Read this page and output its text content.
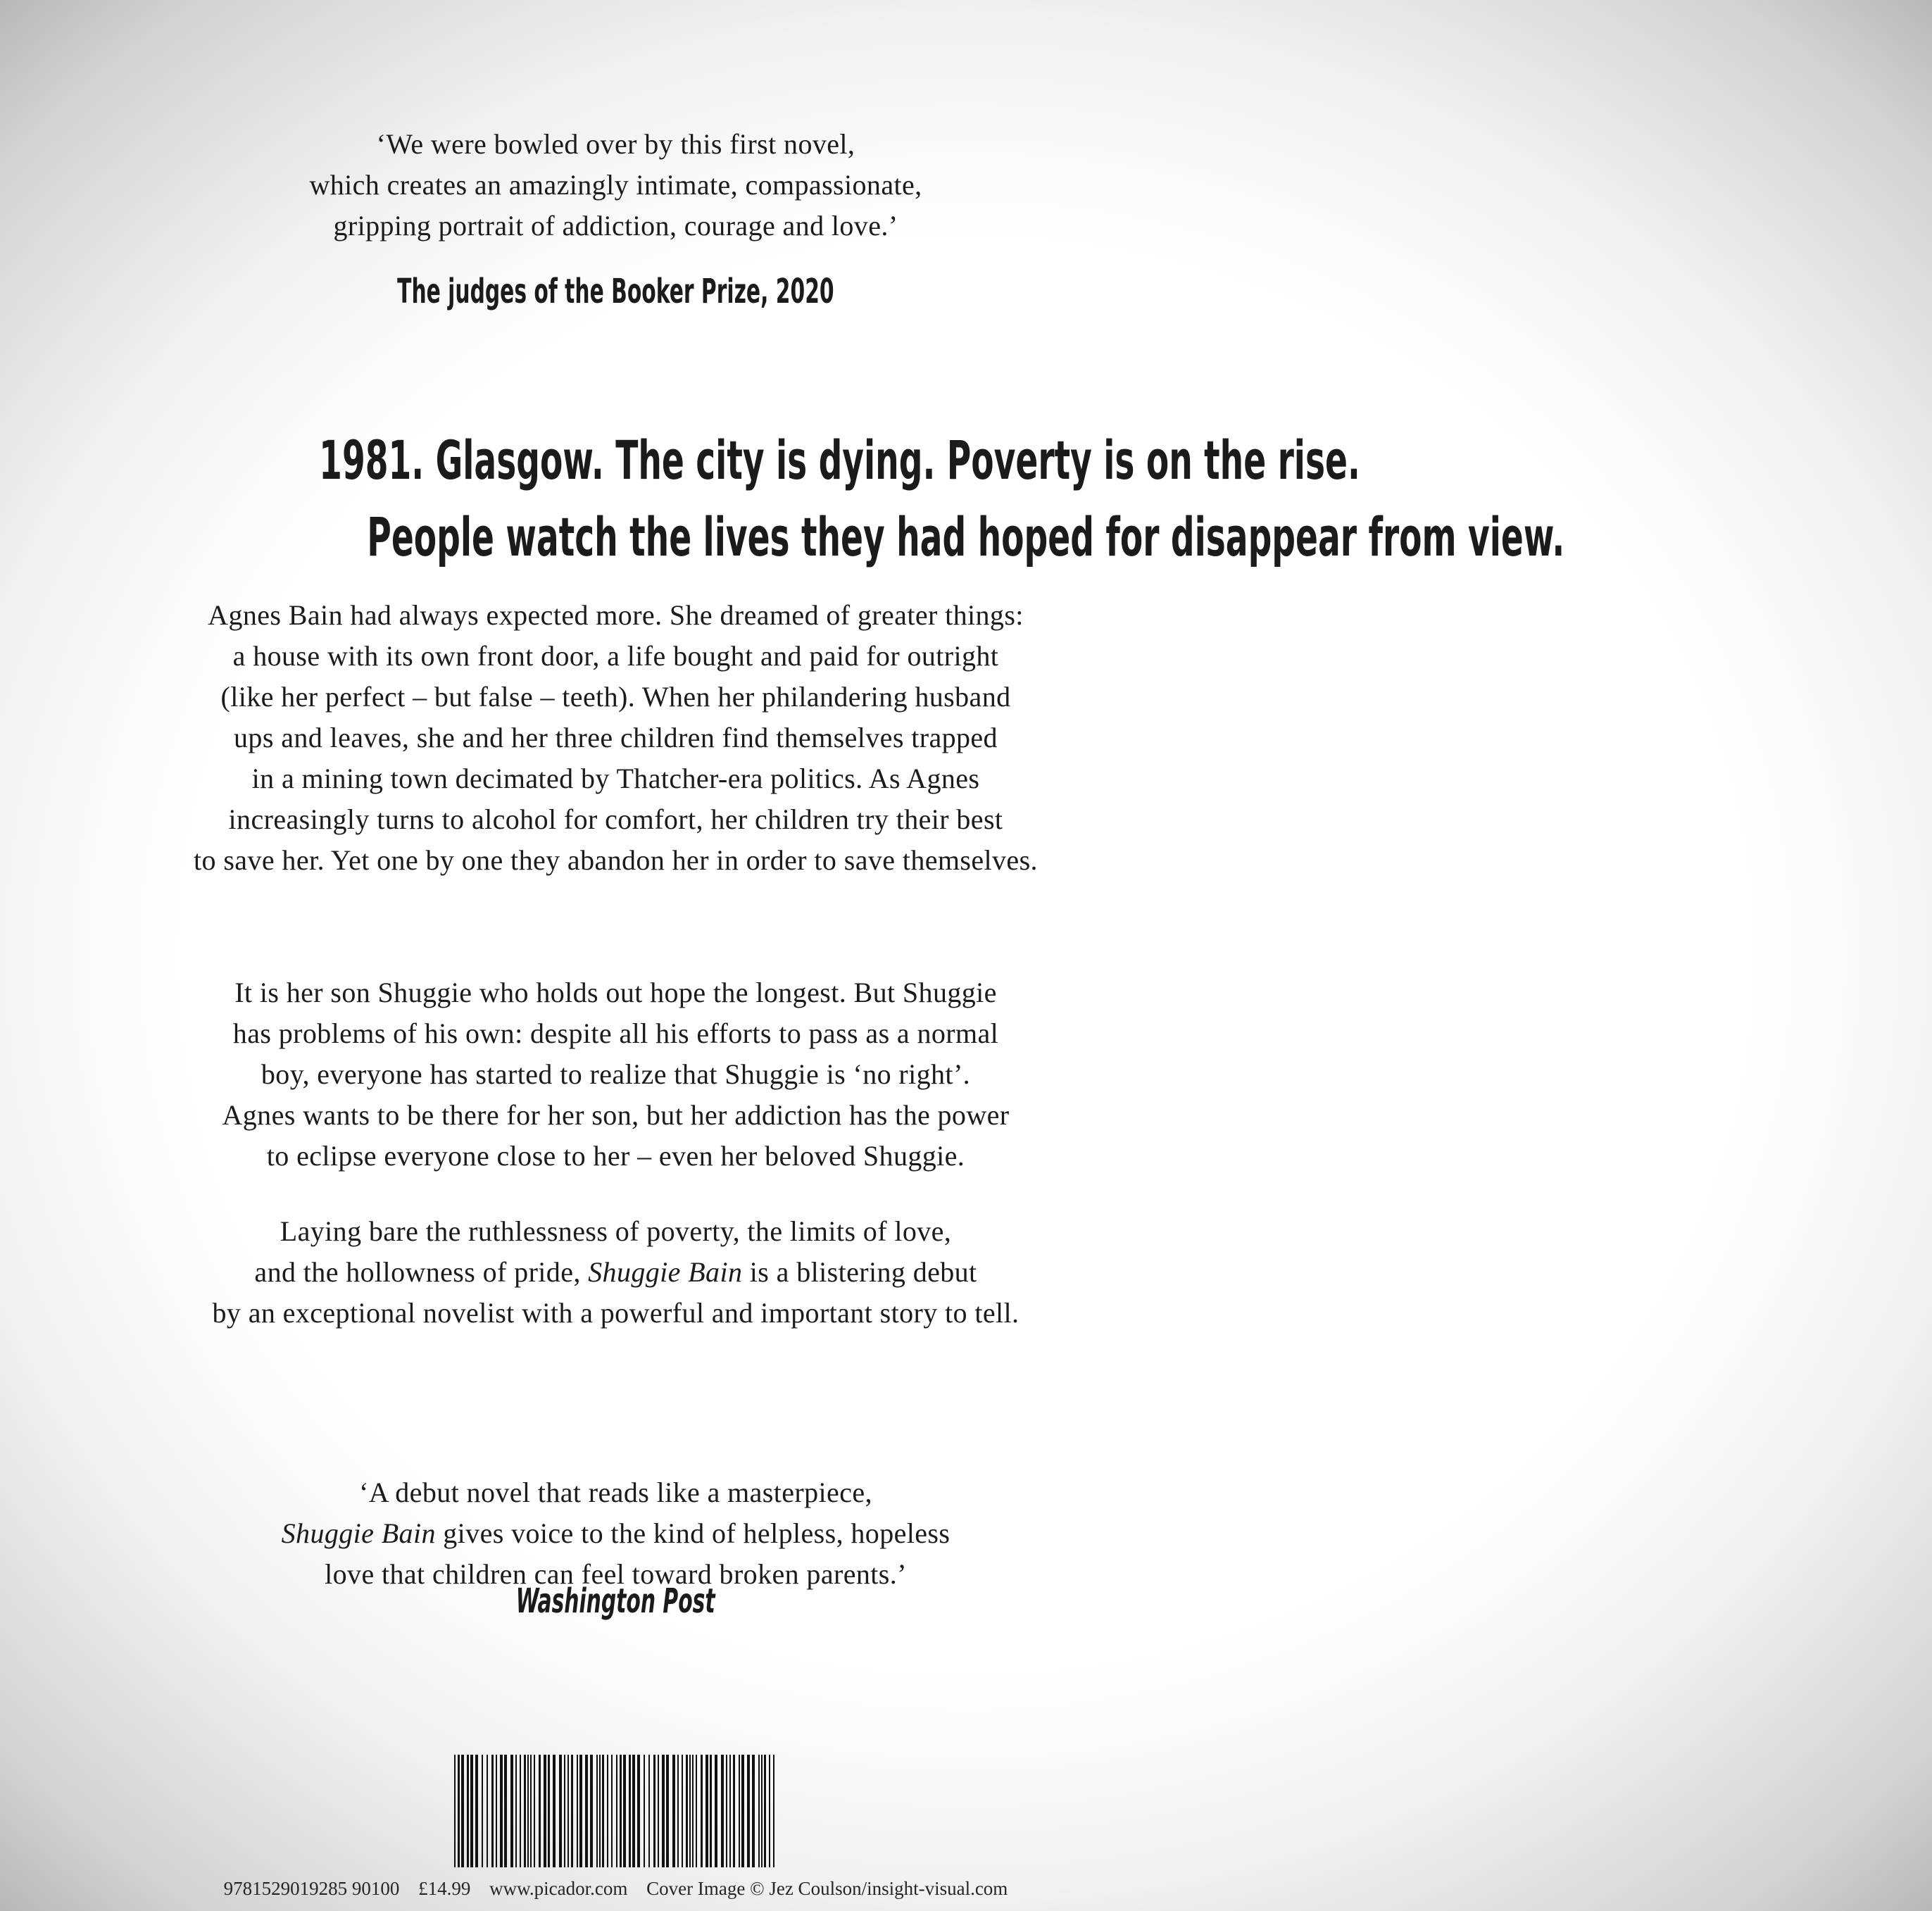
‘We were bowled over by this first novel,

which creates an amazingly intimate, compassionate,

gripping portrait of addiction, courage and love.’

The judges of the Booker Prize, 2020

1981. Glasgow. The city is dying. Poverty is on the rise.

People watch the lives they had hoped for disappear from view.

Agnes Bain had always expected more. She dreamed of greater things:

a house with its own front door, a life bought and paid for outright

(like her perfect – but false – teeth). When her philandering husband

ups and leaves, she and her three children find themselves trapped

in a mining town decimated by Thatcher-era politics. As Agnes

increasingly turns to alcohol for comfort, her children try their best

to save her. Yet one by one they abandon her in order to save themselves.

It is her son Shuggie who holds out hope the longest. But Shuggie

has problems of his own: despite all his efforts to pass as a normal

boy, everyone has started to realize that Shuggie is ‘no right’.

Agnes wants to be there for her son, but her addiction has the power

to eclipse everyone close to her – even her beloved Shuggie.

Laying bare the ruthlessness of poverty, the limits of love,

and the hollowness of pride, Shuggie Bain is a blistering debut

by an exceptional novelist with a powerful and important story to tell.

‘A debut novel that reads like a masterpiece,

Shuggie Bain gives voice to the kind of helpless, hopeless

love that children can feel toward broken parents.’

Washington Post

9781529019285 90100 £14.99 www.picador.com Cover Image © Jez Coulson/insight-visual.com
